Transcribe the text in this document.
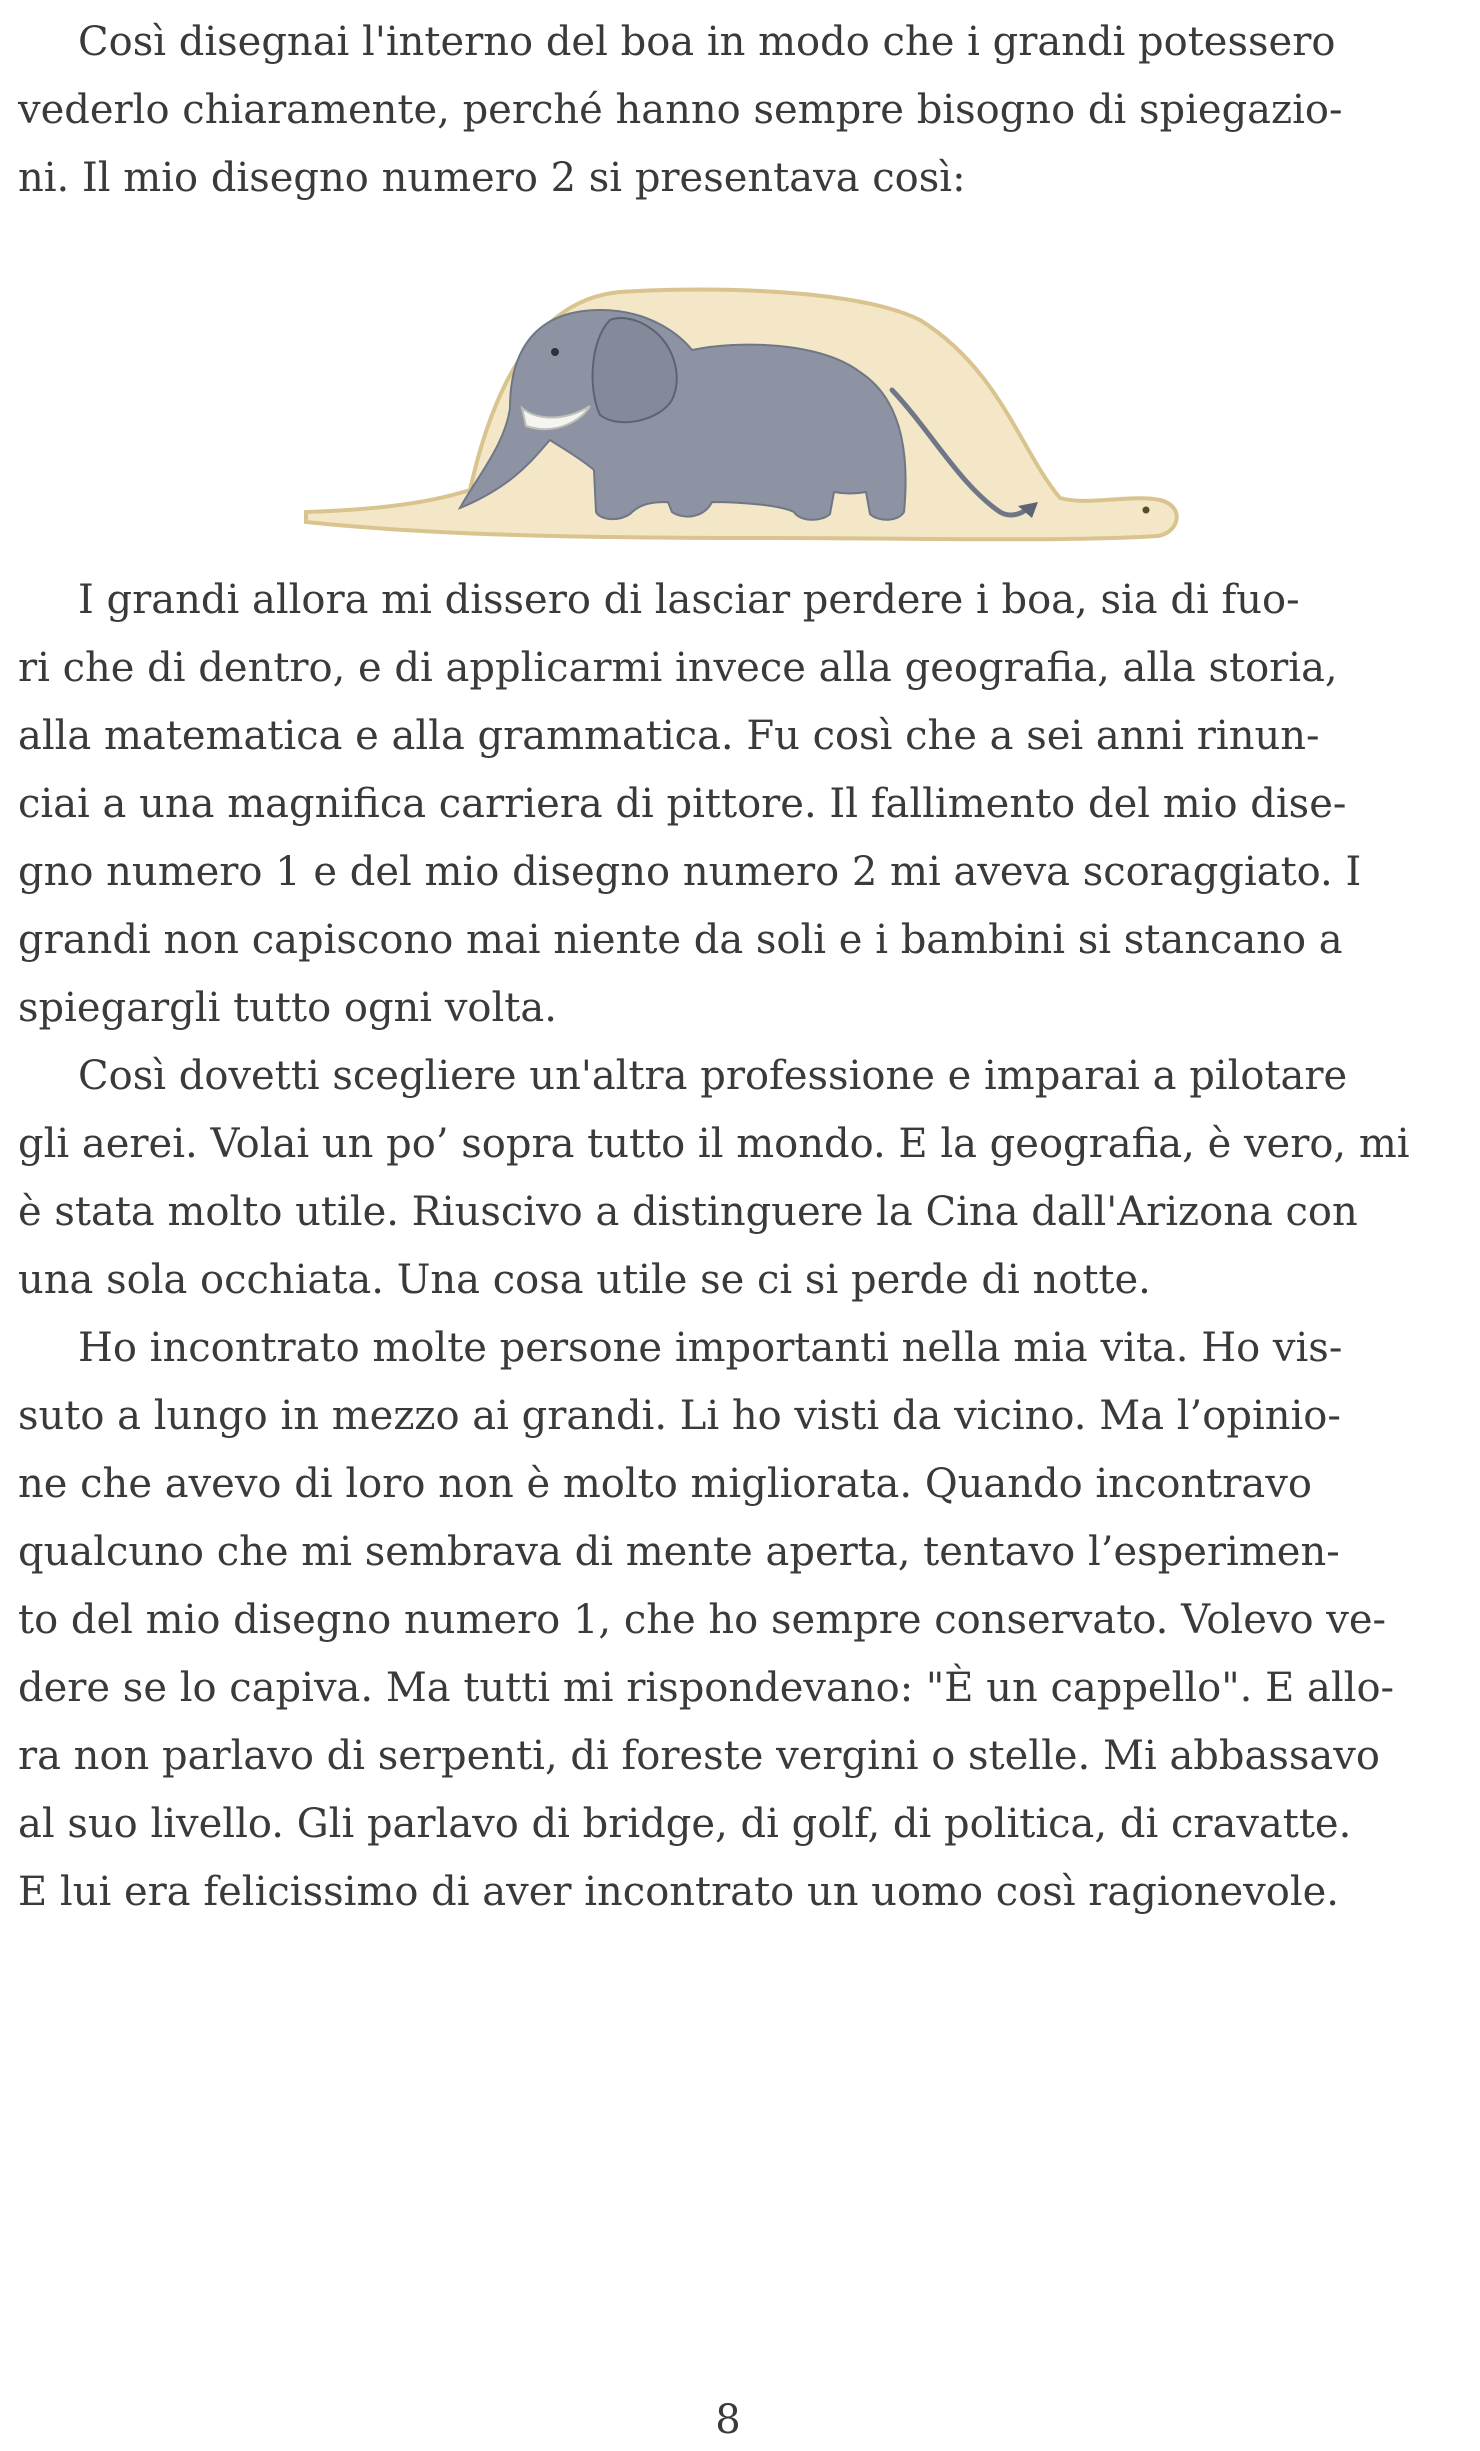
Così disegnai l'interno del boa in modo che i grandi potessero
vederlo chiaramente, perché hanno sempre bisogno di spiegazio-
ni. Il mio disegno numero 2 si presentava così:
I grandi allora mi dissero di lasciar perdere i boa, sia di fuo-
ri che di dentro, e di applicarmi invece alla geografia, alla storia,
alla matematica e alla grammatica. Fu così che a sei anni rinun-
ciai a una magnifica carriera di pittore. Il fallimento del mio dise-
gno numero 1 e del mio disegno numero 2 mi aveva scoraggiato. I
grandi non capiscono mai niente da soli e i bambini si stancano a
spiegargli tutto ogni volta.
Così dovetti scegliere un'altra professione e imparai a pilotare
gli aerei. Volai un po’ sopra tutto il mondo. E la geografia, è vero, mi
è stata molto utile. Riuscivo a distinguere la Cina dall'Arizona con
una sola occhiata. Una cosa utile se ci si perde di notte.
Ho incontrato molte persone importanti nella mia vita. Ho vis-
suto a lungo in mezzo ai grandi. Li ho visti da vicino. Ma l’opinio-
ne che avevo di loro non è molto migliorata. Quando incontravo
qualcuno che mi sembrava di mente aperta, tentavo l’esperimen-
to del mio disegno numero 1, che ho sempre conservato. Volevo ve-
dere se lo capiva. Ma tutti mi rispondevano: "È un cappello". E allo-
ra non parlavo di serpenti, di foreste vergini o stelle. Mi abbassavo
al suo livello. Gli parlavo di bridge, di golf, di politica, di cravatte.
E lui era felicissimo di aver incontrato un uomo così ragionevole.
8
